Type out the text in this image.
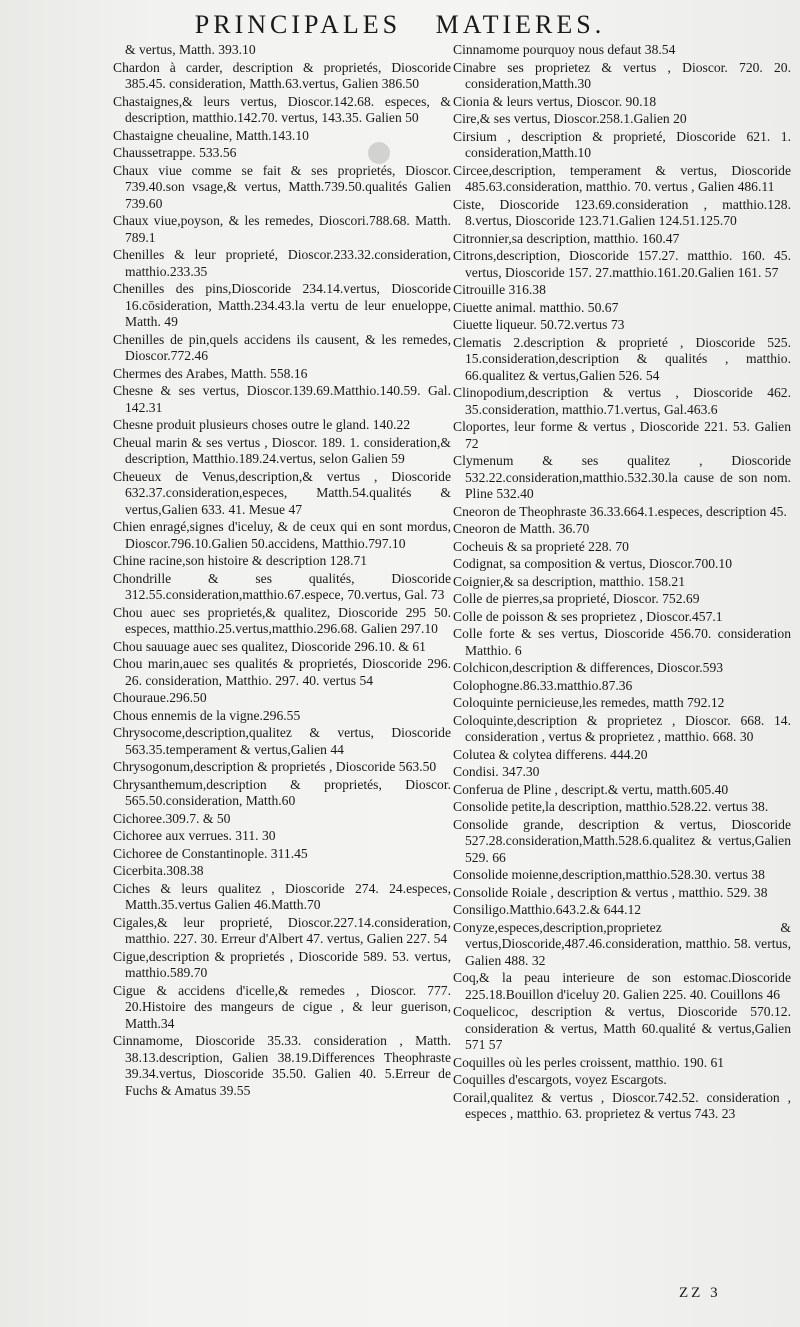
PRINCIPALES MATIERES.
& vertus, Matth. 393.10
Chardon à carder, description & proprietés, Dioscoride 385.45. consideration, Matth.63.vertus, Galien 386.50
Chastaignes,& leurs vertus, Dioscor.142.68. especes, & description, matthio.142.70. vertus, 143.35. Galien 50
Chastaigne cheualine, Matth.143.10
Chaussetrappe. 533.56
Chaux viue comme se fait & ses proprietés, Dioscor. 739.40.son vsage,& vertus, Matth.739.50.qualités Galien 739.60
Chaux viue,poyson, & les remedes, Dioscori.788.68. Matth. 789.1
Chenilles & leur proprieté, Dioscor.233.32.consideration, matthio.233.35
Chenilles des pins,Dioscoride 234.14.vertus, Dioscoride 16.cōsideration, Matth.234.43.la vertu de leur enueloppe, Matth. 49
Chenilles de pin,quels accidens ils causent, & les remedes, Dioscor.772.46
Chermes des Arabes, Matth. 558.16
Chesne & ses vertus, Dioscor.139.69.Matthio.140.59. Gal. 142.31
Chesne produit plusieurs choses outre le gland. 140.22
Cheual marin & ses vertus , Dioscor. 189. 1. consideration,& description, Matthio.189.24.vertus, selon Galien 59
Cheueux de Venus,description,& vertus , Dioscoride 632.37.consideration,especes, Matth.54.qualités & vertus,Galien 633. 41. Mesue 47
Chien enragé,signes d'iceluy, & de ceux qui en sont mordus, Dioscor.796.10.Galien 50.accidens, Matthio.797.10
Chine racine,son histoire & description 128.71
Chondrille & ses qualités, Dioscoride 312.55.consideration,matthio.67.espece, 70.vertus, Gal. 73
Chou auec ses proprietés,& qualitez, Dioscoride 295 50. especes, matthio.25.vertus,matthio.296.68. Galien 297.10
Chou sauuage auec ses qualitez, Dioscoride 296.10. & 61
Chou marin,auec ses qualités & proprietés, Dioscoride 296. 26. consideration, Matthio. 297. 40. vertus 54
Chouraue.296.50
Chous ennemis de la vigne.296.55
Chrysocome,description,qualitez & vertus, Dioscoride 563.35.temperament & vertus,Galien 44
Chrysogonum,description & proprietés , Dioscoride 563.50
Chrysanthemum,description & proprietés, Dioscor. 565.50.consideration, Matth.60
Cichoree.309.7. & 50
Cichoree aux verrues. 311. 30
Cichoree de Constantinople. 311.45
Cicerbita.308.38
Ciches & leurs qualitez , Dioscoride 274. 24.especes, Matth.35.vertus Galien 46.Matth.70
Cigales,& leur proprieté, Dioscor.227.14.consideration, matthio. 227. 30. Erreur d'Albert 47. vertus, Galien 227. 54
Cigue,description & proprietés , Dioscoride 589. 53. vertus, matthio.589.70
Cigue & accidens d'icelle,& remedes , Dioscor. 777. 20.Histoire des mangeurs de cigue , & leur guerison, Matth.34
Cinnamome, Dioscoride 35.33. consideration , Matth. 38.13.description, Galien 38.19.Differences Theophraste 39.34.vertus, Dioscoride 35.50. Galien 40. 5.Erreur de Fuchs & Amatus 39.55
Cinnamome pourquoy nous defaut 38.54
Cinabre ses proprietez & vertus , Dioscor. 720. 20. consideration,Matth.30
Cionia & leurs vertus, Dioscor. 90.18
Cire,& ses vertus, Dioscor.258.1.Galien 20
Cirsium , description & proprieté, Dioscoride 621. 1. consideration,Matth.10
Circee,description, temperament & vertus, Dioscoride 485.63.consideration, matthio. 70. vertus , Galien 486.11
Ciste, Dioscoride 123.69.consideration , matthio.128. 8.vertus, Dioscoride 123.71.Galien 124.51.125.70
Citronnier,sa description, matthio. 160.47
Citrons,description, Dioscoride 157.27. matthio. 160. 45. vertus, Dioscoride 157. 27.matthio.161.20.Galien 161. 57
Citrouille 316.38
Ciuette animal. matthio. 50.67
Ciuette liqueur. 50.72.vertus 73
Clematis 2.description & proprieté , Dioscoride 525. 15.consideration,description & qualités , matthio. 66.qualitez & vertus,Galien 526. 54
Clinopodium,description & vertus , Dioscoride 462. 35.consideration, matthio.71.vertus, Gal.463.6
Cloportes, leur forme & vertus , Dioscoride 221. 53. Galien 72
Clymenum & ses qualitez , Dioscoride 532.22.consideration,matthio.532.30.la cause de son nom. Pline 532.40
Cneoron de Theophraste 36.33.664.1.especes, description 45.
Cneoron de Matth. 36.70
Cocheuis & sa proprieté 228. 70
Codignat, sa composition & vertus, Dioscor.700.10
Coignier,& sa description, matthio. 158.21
Colle de pierres,sa proprieté, Dioscor. 752.69
Colle de poisson & ses proprietez , Dioscor.457.1
Colle forte & ses vertus, Dioscoride 456.70. consideration Matthio. 6
Colchicon,description & differences, Dioscor.593
Colophogne.86.33.matthio.87.36
Coloquinte pernicieuse,les remedes, matth 792.12
Coloquinte,description & proprietez , Dioscor. 668. 14. consideration , vertus & proprietez , matthio. 668. 30
Colutea & colytea differens. 444.20
Condisi. 347.30
Conferua de Pline , descript.& vertu, matth.605.40
Consolide petite,la description, matthio.528.22. vertus 38.
Consolide grande, description & vertus, Dioscoride 527.28.consideration,Matth.528.6.qualitez & vertus,Galien 529. 66
Consolide moienne,description,matthio.528.30. vertus 38
Consolide Roiale , description & vertus , matthio. 529. 38
Consiligo.Matthio.643.2.& 644.12
Conyze,especes,description,proprietez & vertus,Dioscoride,487.46.consideration, matthio. 58. vertus, Galien 488. 32
Coq,& la peau interieure de son estomac.Dioscoride 225.18.Bouillon d'iceluy 20. Galien 225. 40. Couillons 46
Coquelicoc, description & vertus, Dioscoride 570.12. consideration & vertus, Matth 60.qualité & vertus,Galien 571 57
Coquilles où les perles croissent, matthio. 190. 61
Coquilles d'escargots, voyez Escargots.
Corail,qualitez & vertus , Dioscor.742.52. consideration , especes , matthio. 63. proprietez & vertus 743. 23
ZZ 3
